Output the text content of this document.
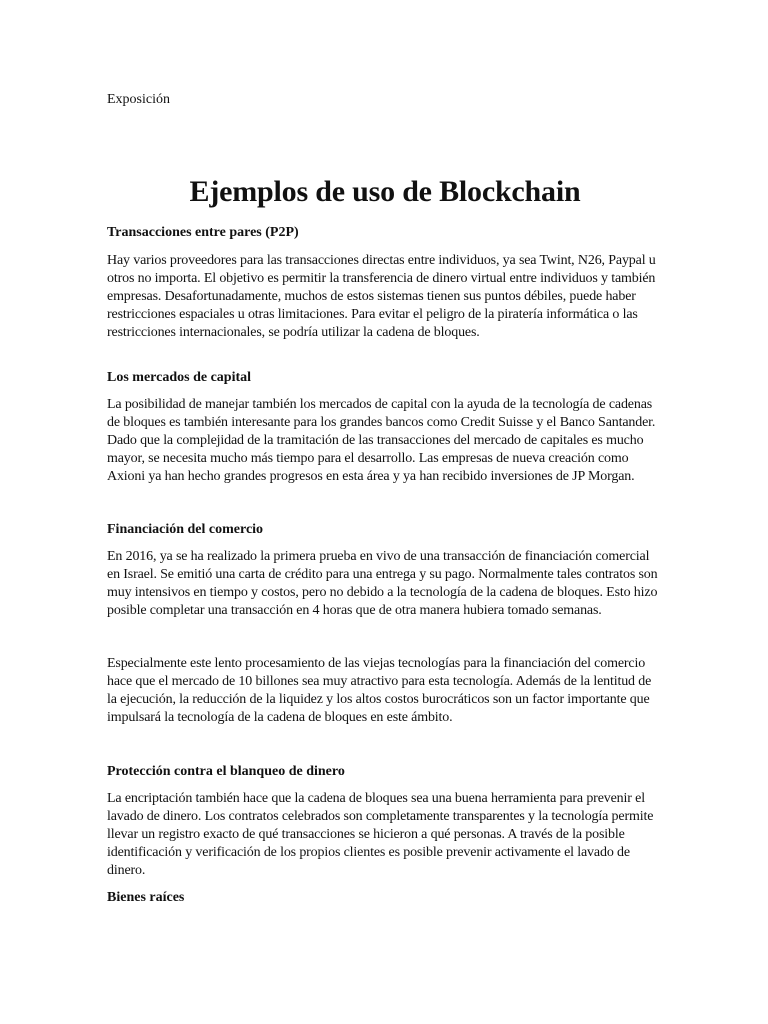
Exposición

Ejemplos de uso de Blockchain
Transacciones entre pares (P2P)

Hay varios proveedores para las transacciones directas entre individuos, ya sea Twint, N26, Paypal u otros no importa. El objetivo es permitir la transferencia de dinero virtual entre individuos y también empresas. Desafortunadamente, muchos de estos sistemas tienen sus puntos débiles, puede haber restricciones espaciales u otras limitaciones. Para evitar el peligro de la piratería informática o las restricciones internacionales, se podría utilizar la cadena de bloques.

Los mercados de capital

La posibilidad de manejar también los mercados de capital con la ayuda de la tecnología de cadenas de bloques es también interesante para los grandes bancos como Credit Suisse y el Banco Santander. Dado que la complejidad de la tramitación de las transacciones del mercado de capitales es mucho mayor, se necesita mucho más tiempo para el desarrollo. Las empresas de nueva creación como Axioni ya han hecho grandes progresos en esta área y ya han recibido inversiones de JP Morgan.

Financiación del comercio

En 2016, ya se ha realizado la primera prueba en vivo de una transacción de financiación comercial en Israel. Se emitió una carta de crédito para una entrega y su pago. Normalmente tales contratos son muy intensivos en tiempo y costos, pero no debido a la tecnología de la cadena de bloques. Esto hizo posible completar una transacción en 4 horas que de otra manera hubiera tomado semanas.

Especialmente este lento procesamiento de las viejas tecnologías para la financiación del comercio hace que el mercado de 10 billones sea muy atractivo para esta tecnología. Además de la lentitud de la ejecución, la reducción de la liquidez y los altos costos burocráticos son un factor importante que impulsará la tecnología de la cadena de bloques en este ámbito.

Protección contra el blanqueo de dinero

La encriptación también hace que la cadena de bloques sea una buena herramienta para prevenir el lavado de dinero. Los contratos celebrados son completamente transparentes y la tecnología permite llevar un registro exacto de qué transacciones se hicieron a qué personas. A través de la posible identificación y verificación de los propios clientes es posible prevenir activamente el lavado de dinero.

Bienes raíces
